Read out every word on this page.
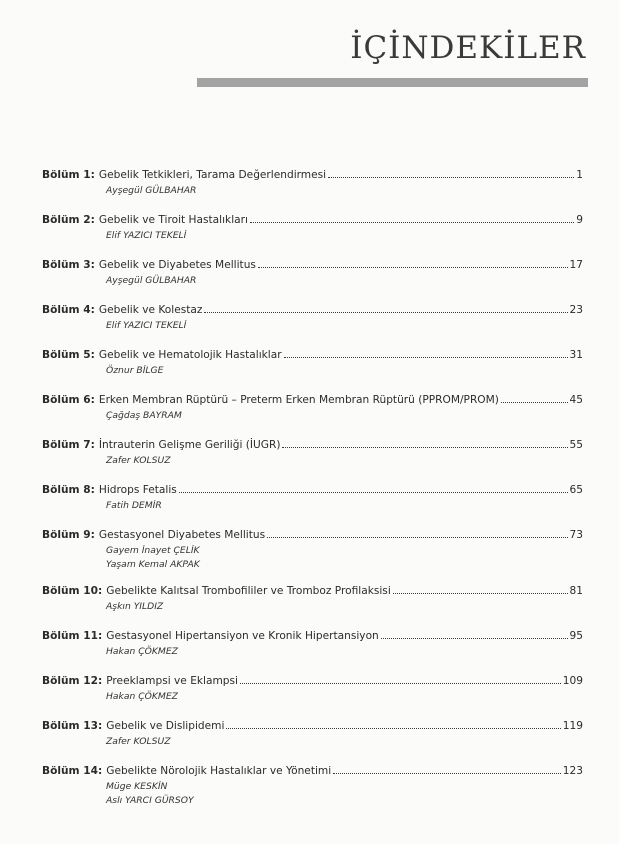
İÇİNDEKİLER
Bölüm 1: Gebelik Tetkikleri, Tarama Değerlendirmesi	1
Ayşegül GÜLBAHAR
Bölüm 2: Gebelik ve Tiroit Hastalıkları	9
Elif YAZICI TEKELİ
Bölüm 3: Gebelik ve Diyabetes Mellitus	17
Ayşegül GÜLBAHAR
Bölüm 4: Gebelik ve Kolestaz	23
Elif YAZICI TEKELİ
Bölüm 5: Gebelik ve Hematolojik Hastalıklar	31
Öznur BİLGE
Bölüm 6: Erken Membran Rüptürü – Preterm Erken Membran Rüptürü (PPROM/PROM)	45
Çağdaş BAYRAM
Bölüm 7: İntrauterin Gelişme Geriliği (İUGR)	55
Zafer KOLSUZ
Bölüm 8: Hidrops Fetalis	65
Fatih DEMİR
Bölüm 9: Gestasyonel Diyabetes Mellitus	73
Gayem İnayet ÇELİK
Yaşam Kemal AKPAK
Bölüm 10: Gebelikte Kalıtsal Trombofililer ve Tromboz Profilaksisi	81
Aşkın YILDIZ
Bölüm 11: Gestasyonel Hipertansiyon ve Kronik Hipertansiyon	95
Hakan ÇÖKMEZ
Bölüm 12: Preeklampsi ve Eklampsi	109
Hakan ÇÖKMEZ
Bölüm 13: Gebelik ve Dislipidemi	119
Zafer KOLSUZ
Bölüm 14: Gebelikte Nörolojik Hastalıklar ve Yönetimi	123
Müge KESKİN
Aslı YARCI GÜRSOY
